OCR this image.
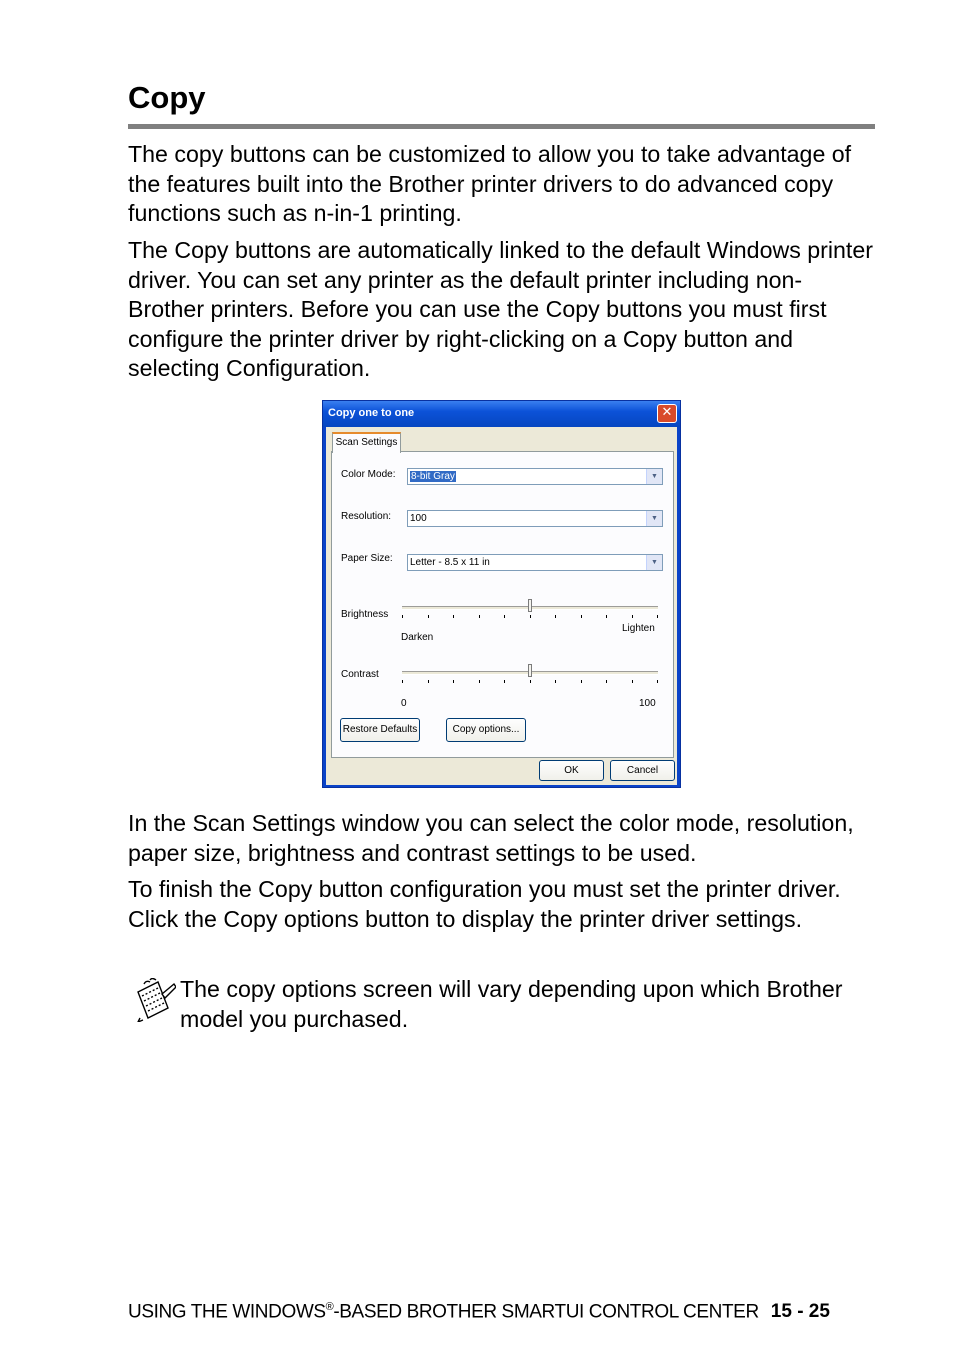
Copy

The copy buttons can be customized to allow you to take advantage of the features built into the Brother printer drivers to do advanced copy functions such as n-in-1 printing.

The Copy buttons are automatically linked to the default Windows printer driver. You can set any printer as the default printer including non-Brother printers. Before you can use the Copy buttons you must first configure the printer driver by right-clicking on a Copy button and selecting Configuration.

Copy one to one	✕
Scan Settings
Color Mode:	8-bit Gray	▼
Resolution:	100	▼
Paper Size:	Letter - 8.5 x 11 in	▼
Brightness
Darken
Lighten
Contrast
0	100
Restore Defaults	Copy options...
OK	Cancel

In the Scan Settings window you can select the color mode, resolution, paper size, brightness and contrast settings to be used.

To finish the Copy button configuration you must set the printer driver. Click the Copy options button to display the printer driver settings.

The copy options screen will vary depending upon which Brother model you purchased.

USING THE WINDOWS®-BASED BROTHER SMARTUI CONTROL CENTER 15 - 25
